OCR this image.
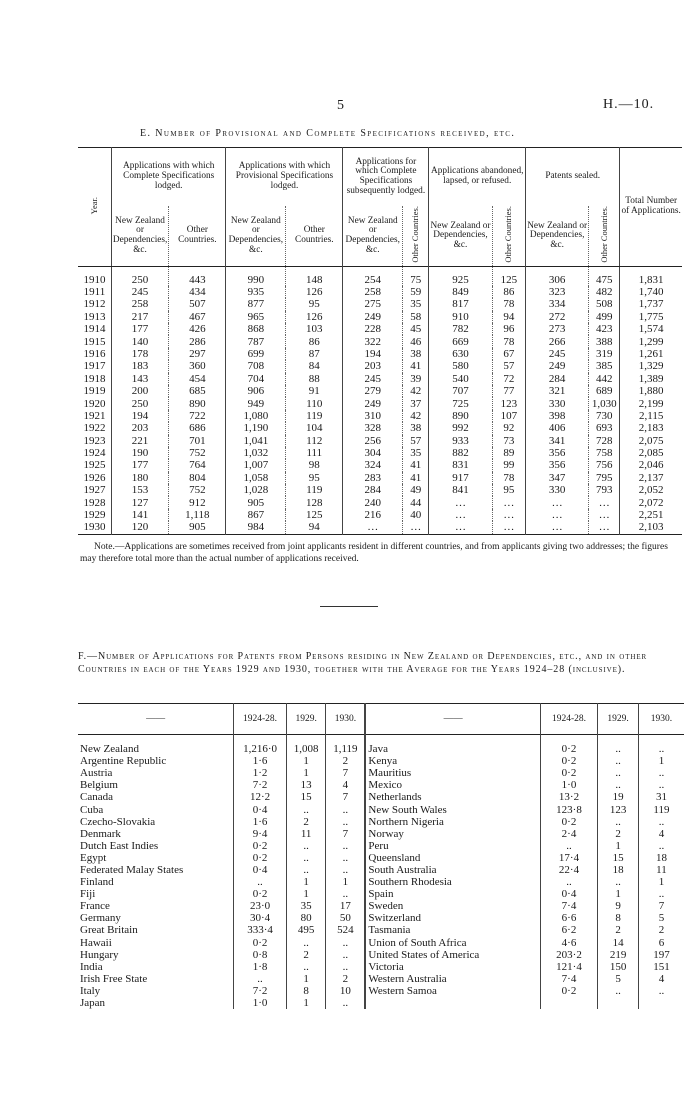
5	H.—10.
E. Number of Provisional and Complete Specifications received, etc.
Year.	Applications with which Complete Specifications lodged.		Applications with which Provisional Specifications lodged.		Applications for which Complete Specifications subsequently lodged.		Applications abandoned, lapsed, or refused.		Patents sealed.		Total Number of Applications.
	New Zealand or Dependencies, &c.	Other Countries.	New Zealand or Dependencies, &c.	Other Countries.	New Zealand or Dependencies, &c.	Other Countries.	New Zealand or Dependencies, &c.	Other Countries.	New Zealand or Dependencies, &c.	Other Countries.	
1910	250	443	990	148	254	75	925	125	306	475	1,831
1911	245	434	935	126	258	59	849	86	323	482	1,740
1912	258	507	877	95	275	35	817	78	334	508	1,737
1913	217	467	965	126	249	58	910	94	272	499	1,775
1914	177	426	868	103	228	45	782	96	273	423	1,574
1915	140	286	787	86	322	46	669	78	266	388	1,299
1916	178	297	699	87	194	38	630	67	245	319	1,261
1917	183	360	708	84	203	41	580	57	249	385	1,329
1918	143	454	704	88	245	39	540	72	284	442	1,389
1919	200	685	906	91	279	42	707	77	321	689	1,880
1920	250	890	949	110	249	37	725	123	330	1,030	2,199
1921	194	722	1,080	119	310	42	890	107	398	730	2,115
1922	203	686	1,190	104	328	38	992	92	406	693	2,183
1923	221	701	1,041	112	256	57	933	73	341	728	2,075
1924	190	752	1,032	111	304	35	882	89	356	758	2,085
1925	177	764	1,007	98	324	41	831	99	356	756	2,046
1926	180	804	1,058	95	283	41	917	78	347	795	2,137
1927	153	752	1,028	119	284	49	841	95	330	793	2,052
1928	127	912	905	128	240	44	…	…	…	…	2,072
1929	141	1,118	867	125	216	40	…	…	…	…	2,251
1930	120	905	984	94	…	…	…	…	…	…	2,103
Note.—Applications are sometimes received from joint applicants resident in different countries, and from applicants giving two addresses; the figures may therefore total more than the actual number of applications received.
F.—Number of Applications for Patents from Persons residing in New Zealand or Dependencies, etc., and in other Countries in each of the Years 1929 and 1930, together with the Average for the Years 1924–28 (inclusive).
——	1924-28.	1929.	1930.	——	1924-28.	1929.	1930.
New Zealand	1,216·0	1,008	1,119	Java	0·2	..	..
Argentine Republic	1·6	1	2	Kenya	0·2	..	1
Austria	1·2	1	7	Mauritius	0·2	..	..
Belgium	7·2	13	4	Mexico	1·0	..	..
Canada	12·2	15	7	Netherlands	13·2	19	31
Cuba	0·4	..	..	New South Wales	123·8	123	119
Czecho-Slovakia	1·6	2	..	Northern Nigeria	0·2	..	..
Denmark	9·4	11	7	Norway	2·4	2	4
Dutch East Indies	0·2	..	..	Peru	..	1	..
Egypt	0·2	..	..	Queensland	17·4	15	18
Federated Malay States	0·4	..	..	South Australia	22·4	18	11
Finland	..	1	1	Southern Rhodesia	..	..	1
Fiji	0·2	1	..	Spain	0·4	1	..
France	23·0	35	17	Sweden	7·4	9	7
Germany	30·4	80	50	Switzerland	6·6	8	5
Great Britain	333·4	495	524	Tasmania	6·2	2	2
Hawaii	0·2	..	..	Union of South Africa	4·6	14	6
Hungary	0·8	2	..	United States of America	203·2	219	197
India	1·8	..	..	Victoria	121·4	150	151
Irish Free State	..	1	2	Western Australia	7·4	5	4
Italy	7·2	8	10	Western Samoa	0·2	..	..
Japan	1·0	1	..				
